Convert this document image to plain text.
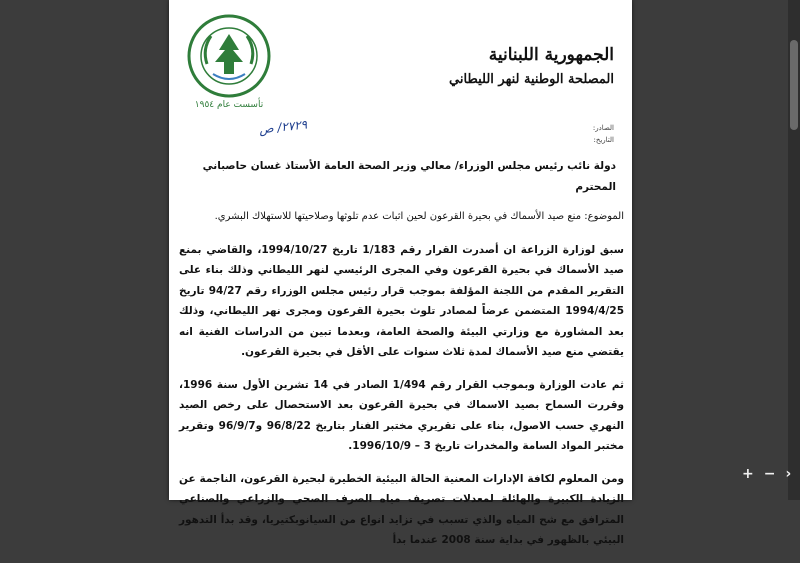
تأسست عام ١٩٥٤
الجمهورية اللبنانية
المصلحة الوطنية لنهر الليطاني
الصادر:
التاريخ:
٢٧٢٩/ ص
دولة نائب رئيس مجلس الوزراء/ معالي وزير الصحة العامة الأستاذ غسان حاصباني المحترم
الموضوع: منع صيد الأسماك في بحيرة القرعون لحين اثبات عدم تلوثها وصلاحيتها للاستهلاك البشري.
سبق لوزارة الزراعة ان أصدرت القرار رقم 1/183 تاريخ 1994/10/27، والقاضي بمنع صيد الأسماك في بحيرة القرعون وفي المجرى الرئيسي لنهر الليطاني وذلك بناء على التقرير المقدم من اللجنة المؤلفة بموجب قرار رئيس مجلس الوزراء رقم 94/27 تاريخ 1994/4/25 المتضمن عرضاً لمصادر تلوث بحيرة القرعون ومجرى نهر الليطاني، وذلك بعد المشاورة مع وزارتي البيئة والصحة العامة، وبعدما تبين من الدراسات الفنية انه يقتضي منع صيد الأسماك لمدة ثلاث سنوات على الأقل في بحيرة القرعون.
ثم عادت الوزارة وبموجب القرار رقم 1/494 الصادر في 14 تشرين الأول سنة 1996، وقررت السماح بصيد الاسماك في بحيرة القرعون بعد الاستحصال على رخص الصيد النهري حسب الاصول، بناء على تقريري مختبر الفنار بتاريخ 96/8/22 و96/9/7 وتقرير مختبر المواد السامة والمخدرات تاريخ 3 – 1996/10/9.
ومن المعلوم لكافة الإدارات المعنية الحالة البيئية الخطيرة لبحيرة القرعون، الناجمة عن الزيادة الكبيرة والهائلة لمعدلات تصريف مياه الصرف الصحي والزراعي والصناعي المترافق مع شح المياه والذي تسبب في تزايد انواع من السيانوبكتيريا، وقد بدأ التدهور البيئي بالظهور في بداية سنة 2008 عندما بدأ
+ − ›
